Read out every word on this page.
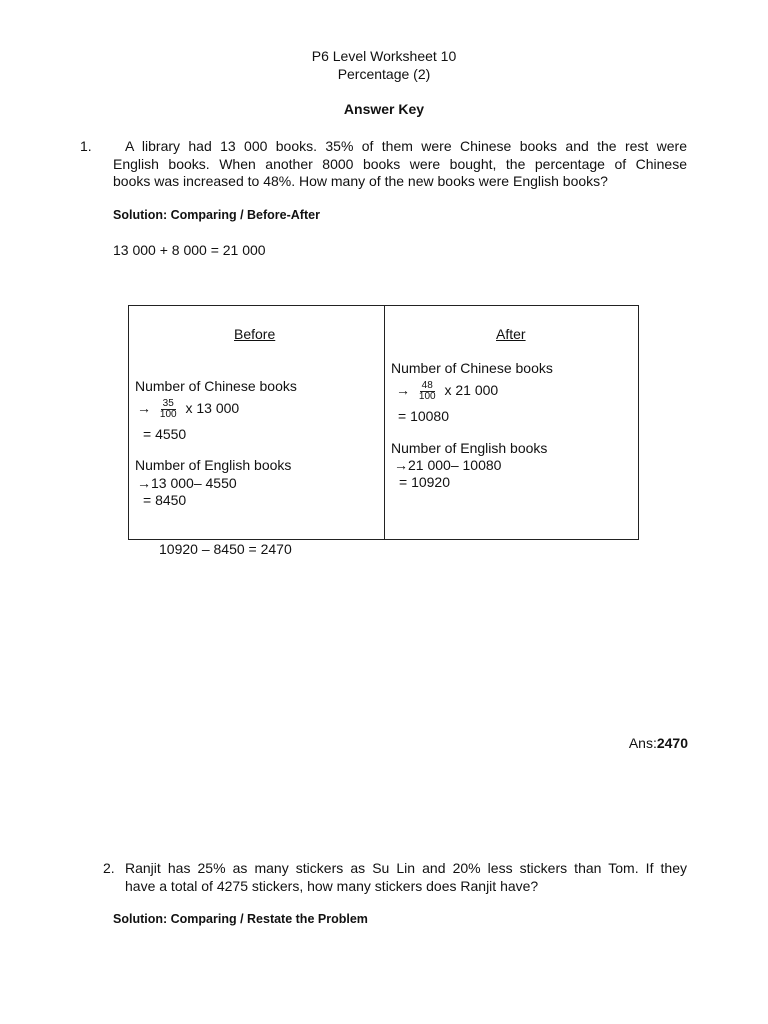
P6 Level Worksheet 10
Percentage (2)
Answer Key
1. A library had 13 000 books. 35% of them were Chinese books and the rest were
English books. When another 8000 books were bought, the percentage of Chinese
books was increased to 48%. How many of the new books were English books?
Solution: Comparing / Before-After
13 000 + 8 000 = 21 000
Before
Number of Chinese books
→ $\frac{35}{100}$ x 13 000
= 4550
Number of English books
→13 000– 4550
= 8450
After
Number of Chinese books
→ $\frac{48}{100}$ x 21 000
= 10080
Number of English books
→21 000– 10080
= 10920
10920 – 8450 = 2470
Ans:2470
2. Ranjit has 25% as many stickers as Su Lin and 20% less stickers than Tom. If they
have a total of 4275 stickers, how many stickers does Ranjit have?
Solution: Comparing / Restate the Problem
